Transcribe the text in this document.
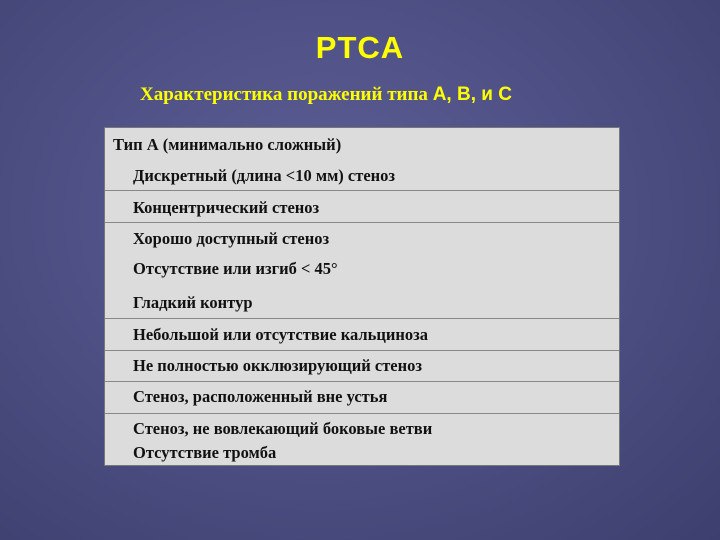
PTCA
Характеристика поражений типа А, В, и С
Тип А (минимально сложный)
Дискретный (длина <10 мм) стеноз
Концентрический стеноз
Хорошо доступный стеноз
Отсутствие или изгиб < 45°
Гладкий контур
Небольшой или отсутствие кальциноза
Не полностью окклюзирующий стеноз
Стеноз, расположенный вне устья
Стеноз, не вовлекающий боковые ветви
Отсутствие тромба
